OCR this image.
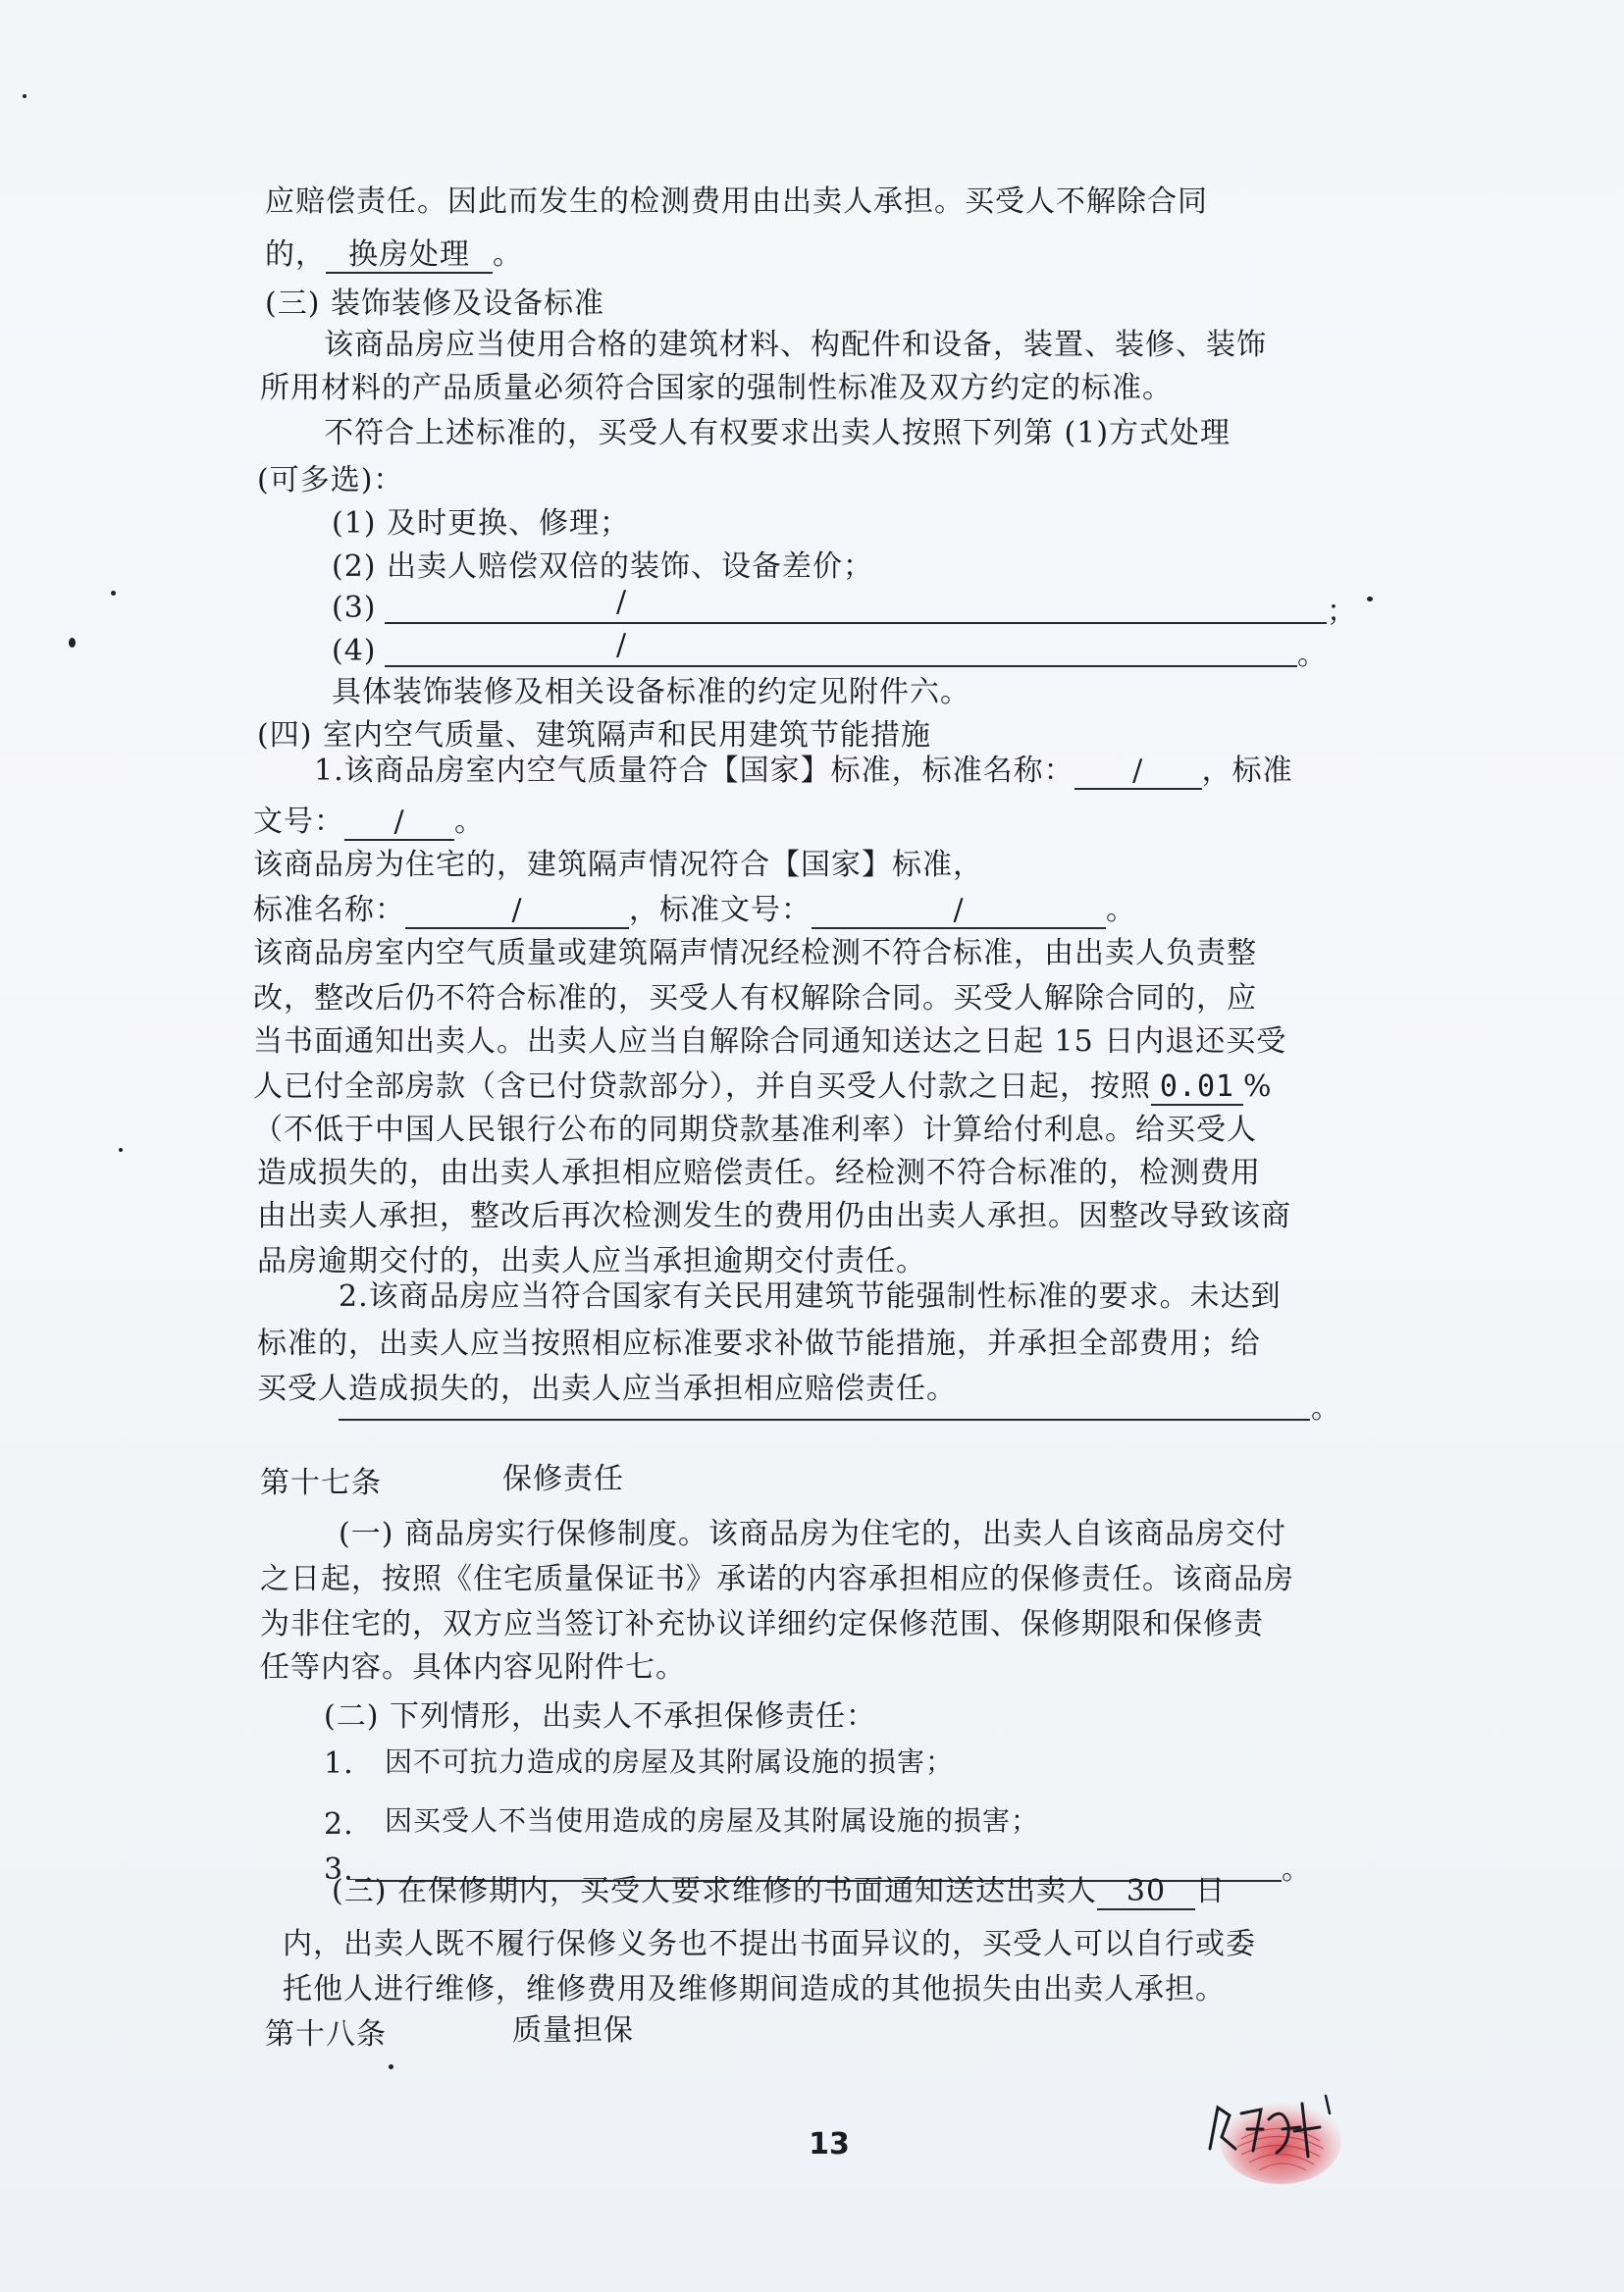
应赔偿责任。因此而发生的检测费用由出卖人承担。买受人不解除合同
的， 换房处理 。
(三) 装饰装修及设备标准
该商品房应当使用合格的建筑材料、构配件和设备，装置、装修、装饰
所用材料的产品质量必须符合国家的强制性标准及双方约定的标准。
不符合上述标准的，买受人有权要求出卖人按照下列第 (1)方式处理
(可多选)：
(1) 及时更换、修理；
(2) 出卖人赔偿双倍的装饰、设备差价；
(3)	/	；
(4)	/	。
具体装饰装修及相关设备标准的约定见附件六。
(四) 室内空气质量、建筑隔声和民用建筑节能措施
1.该商品房室内空气质量符合【国家】标准，标准名称： / ，标准
文号： / 。
该商品房为住宅的，建筑隔声情况符合【国家】标准，
标准名称：	/	，标准文号：	/	。
该商品房室内空气质量或建筑隔声情况经检测不符合标准，由出卖人负责整
改，整改后仍不符合标准的，买受人有权解除合同。买受人解除合同的，应
当书面通知出卖人。出卖人应当自解除合同通知送达之日起 15 日内退还买受
人已付全部房款（含已付贷款部分），并自买受人付款之日起，按照 0.01 %
（不低于中国人民银行公布的同期贷款基准利率）计算给付利息。给买受人
造成损失的，由出卖人承担相应赔偿责任。经检测不符合标准的，检测费用
由出卖人承担，整改后再次检测发生的费用仍由出卖人承担。因整改导致该商
品房逾期交付的，出卖人应当承担逾期交付责任。
2.该商品房应当符合国家有关民用建筑节能强制性标准的要求。未达到
标准的，出卖人应当按照相应标准要求补做节能措施，并承担全部费用；给
买受人造成损失的，出卖人应当承担相应赔偿责任。
。
第十七条	保修责任
(一) 商品房实行保修制度。该商品房为住宅的，出卖人自该商品房交付
之日起，按照《住宅质量保证书》承诺的内容承担相应的保修责任。该商品房
为非住宅的，双方应当签订补充协议详细约定保修范围、保修期限和保修责
任等内容。具体内容见附件七。
(二) 下列情形，出卖人不承担保修责任：
1. 因不可抗力造成的房屋及其附属设施的损害；
2. 因买受人不当使用造成的房屋及其附属设施的损害；
3.	。
(三) 在保修期内，买受人要求维修的书面通知送达出卖人 30 日
内，出卖人既不履行保修义务也不提出书面异议的，买受人可以自行或委
托他人进行维修，维修费用及维修期间造成的其他损失由出卖人承担。
第十八条	质量担保
13
